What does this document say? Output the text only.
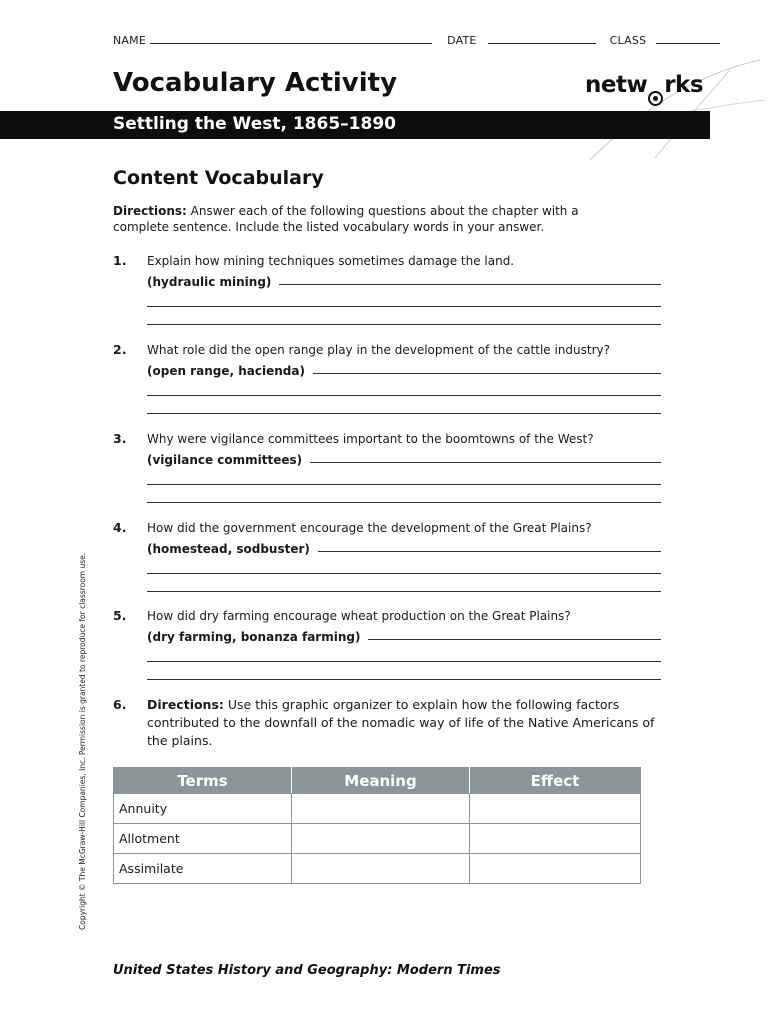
NAME	DATE	CLASS
Vocabulary Activity	netw rks
Settling the West, 1865–1890
Content Vocabulary
Directions: Answer each of the following questions about the chapter with a complete sentence. Include the listed vocabulary words in your answer.
1. Explain how mining techniques sometimes damage the land.
(hydraulic mining)
2. What role did the open range play in the development of the cattle industry?
(open range, hacienda)
3. Why were vigilance committees important to the boomtowns of the West?
(vigilance committees)
4. How did the government encourage the development of the Great Plains?
(homestead, sodbuster)
5. How did dry farming encourage wheat production on the Great Plains?
(dry farming, bonanza farming)
6. Directions: Use this graphic organizer to explain how the following factors contributed to the downfall of the nomadic way of life of the Native Americans of the plains.
Terms	Meaning	Effect
Annuity		
Allotment		
Assimilate		
Copyright © The McGraw-Hill Companies, Inc. Permission is granted to reproduce for classroom use.
United States History and Geography: Modern Times
